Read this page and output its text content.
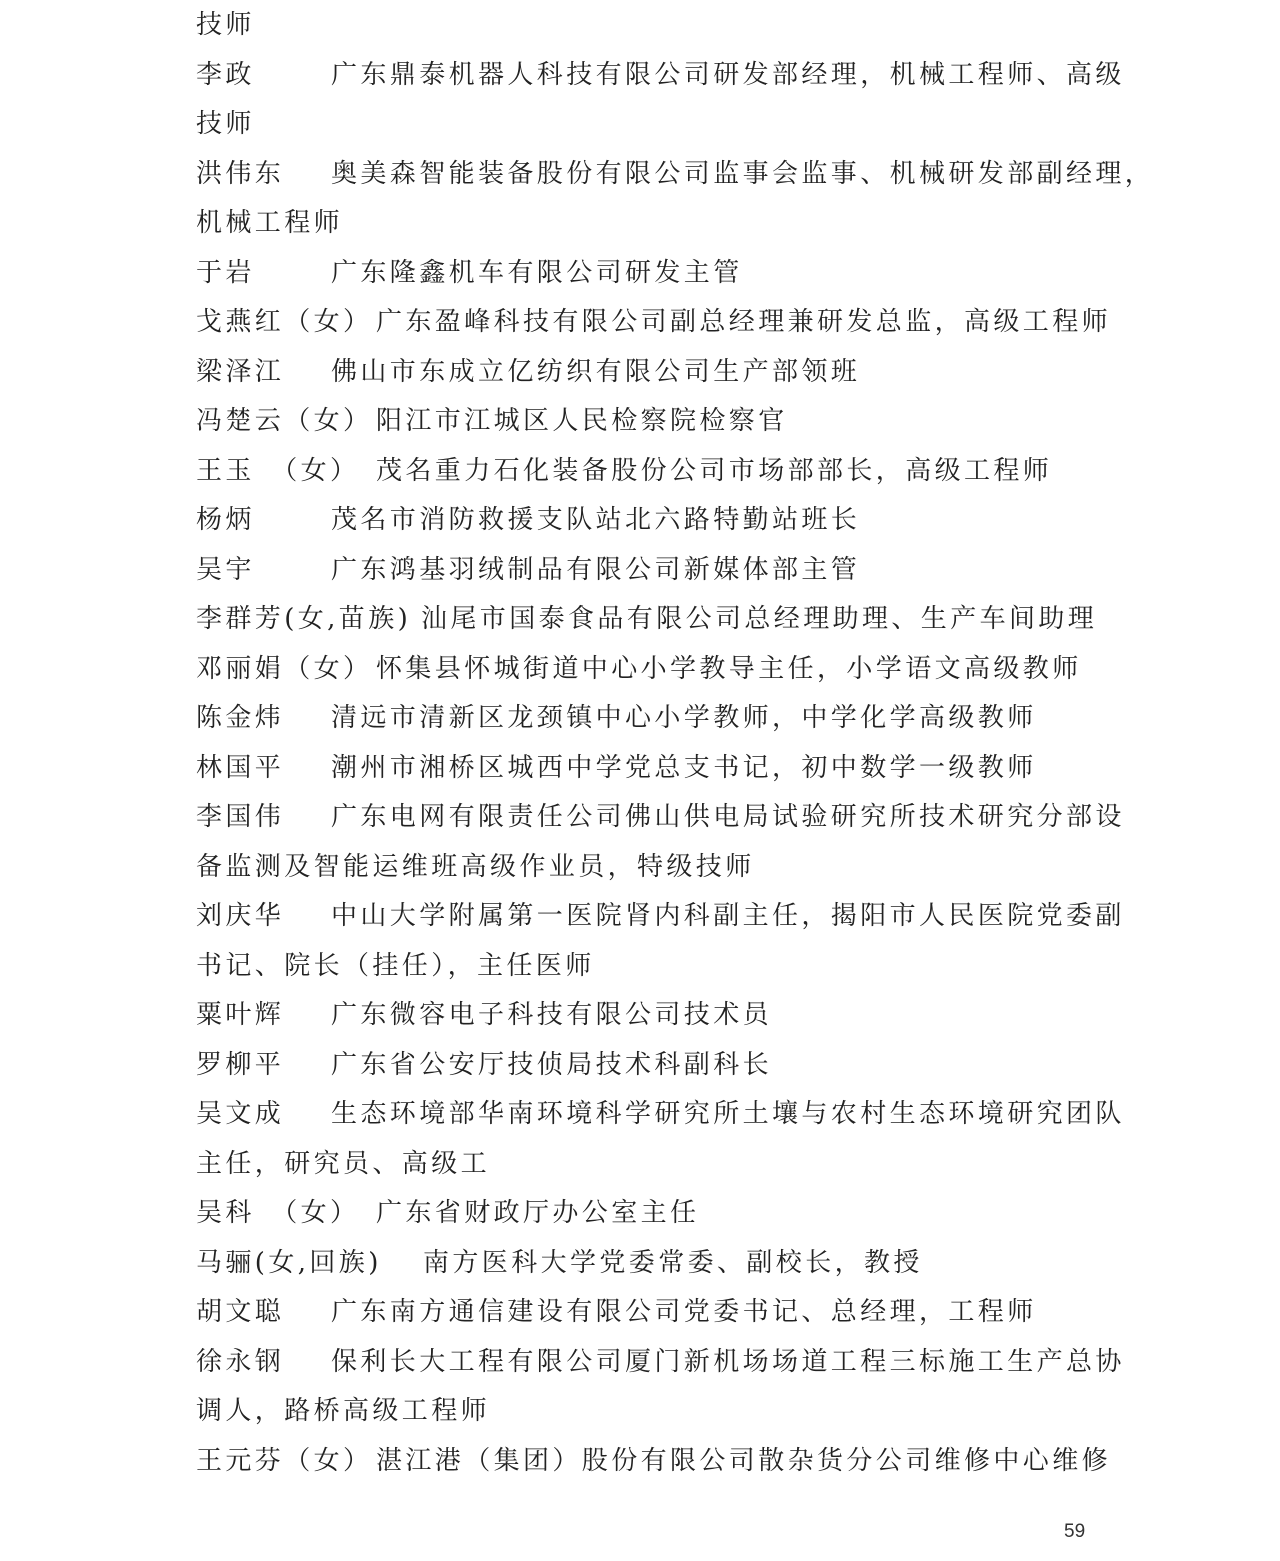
技师
李政	广东鼎泰机器人科技有限公司研发部经理，机械工程师、高级
技师
洪伟东 奥美森智能装备股份有限公司监事会监事、机械研发部副经理，
机械工程师
于岩	广东隆鑫机车有限公司研发主管
戈燕红（女） 广东盈峰科技有限公司副总经理兼研发总监，高级工程师
梁泽江 佛山市东成立亿纺织有限公司生产部领班
冯楚云（女） 阳江市江城区人民检察院检察官
王玉　（女） 茂名重力石化装备股份公司市场部部长，高级工程师
杨炳	茂名市消防救援支队站北六路特勤站班长
吴宇	广东鸿基羽绒制品有限公司新媒体部主管
李群芳(女,苗族) 汕尾市国泰食品有限公司总经理助理、生产车间助理
邓丽娟（女） 怀集县怀城街道中心小学教导主任，小学语文高级教师
陈金炜 清远市清新区龙颈镇中心小学教师，中学化学高级教师
林国平 潮州市湘桥区城西中学党总支书记，初中数学一级教师
李国伟 广东电网有限责任公司佛山供电局试验研究所技术研究分部设
备监测及智能运维班高级作业员，特级技师
刘庆华 中山大学附属第一医院肾内科副主任，揭阳市人民医院党委副
书记、院长（挂任），主任医师
粟叶辉 广东微容电子科技有限公司技术员
罗柳平 广东省公安厅技侦局技术科副科长
吴文成 生态环境部华南环境科学研究所土壤与农村生态环境研究团队
主任，研究员、高级工
吴科　（女） 广东省财政厅办公室主任
马骊(女,回族) 南方医科大学党委常委、副校长，教授
胡文聪 广东南方通信建设有限公司党委书记、总经理，工程师
徐永钢 保利长大工程有限公司厦门新机场场道工程三标施工生产总协
调人，路桥高级工程师
王元芬（女） 湛江港（集团）股份有限公司散杂货分公司维修中心维修
59
